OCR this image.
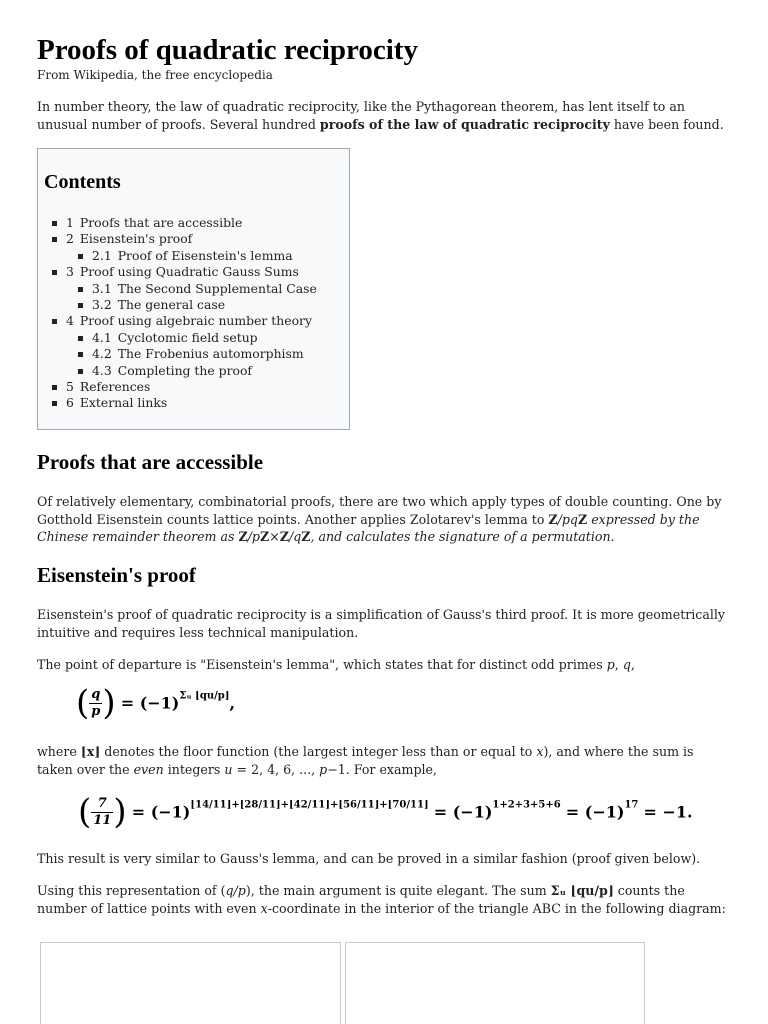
Proofs of quadratic reciprocity
From Wikipedia, the free encyclopedia

In number theory, the law of quadratic reciprocity, like the Pythagorean theorem, has lent itself to an unusual number of proofs. Several hundred proofs of the law of quadratic reciprocity have been found.

Contents
1 Proofs that are accessible
2 Eisenstein's proof
2.1 Proof of Eisenstein's lemma
3 Proof using Quadratic Gauss Sums
3.1 The Second Supplemental Case
3.2 The general case
4 Proof using algebraic number theory
4.1 Cyclotomic field setup
4.2 The Frobenius automorphism
4.3 Completing the proof
5 References
6 External links
Proofs that are accessible

Of relatively elementary, combinatorial proofs, there are two which apply types of double counting. One by Gotthold Eisenstein counts lattice points. Another applies Zolotarev's lemma to Z/pqZ expressed by the Chinese remainder theorem as Z/pZ×Z/qZ, and calculates the signature of a permutation.

Eisenstein's proof

Eisenstein's proof of quadratic reciprocity is a simplification of Gauss's third proof. It is more geometrically intuitive and requires less technical manipulation.

The point of departure is "Eisenstein's lemma", which states that for distinct odd primes p, q,

( $\frac{q}{p}$ ) = $(-1)^{\Sigma ᵤ ⌊qu/p⌋}$,

where ⌊x⌋ denotes the floor function (the largest integer less than or equal to x), and where the sum is taken over the even integers u = 2, 4, 6, ..., p−1. For example,

( $\frac{7}{11}$ ) = $(-1)^{⌊14/11⌋+⌊28/11⌋+⌊42/11⌋+⌊56/11⌋+⌊70/11⌋} = (-1)^{1+2+3+5+6} = (-1)^{17} = -1$.

This result is very similar to Gauss's lemma, and can be proved in a similar fashion (proof given below).

Using this representation of (q/p), the main argument is quite elegant. The sum Σᵤ ⌊qu/p⌋ counts the number of lattice points with even x-coordinate in the interior of the triangle ABC in the following diagram:
